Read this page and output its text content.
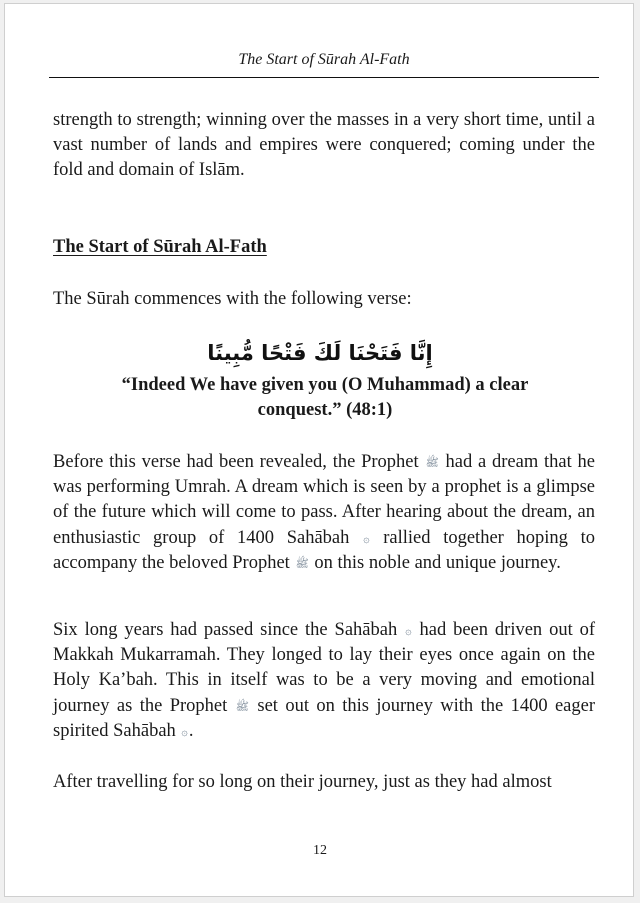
The Start of Sūrah Al-Fath

strength to strength; winning over the masses in a very short time, until a vast number of lands and empires were conquered; coming under the fold and domain of Islām.

The Start of Sūrah Al-Fath

The Sūrah commences with the following verse:

إِنَّا فَتَحْنَا لَكَ فَتْحًا مُّبِينًا
“Indeed We have given you (O Muhammad) a clear conquest.” (48:1)

Before this verse had been revealed, the Prophet ﷺ had a dream that he was performing Umrah. A dream which is seen by a prophet is a glimpse of the future which will come to pass. After hearing about the dream, an enthusiastic group of 1400 Sahābah ۞ rallied together hoping to accompany the beloved Prophet ﷺ on this noble and unique journey.

Six long years had passed since the Sahābah ۞ had been driven out of Makkah Mukarramah. They longed to lay their eyes once again on the Holy Ka’bah. This in itself was to be a very moving and emotional journey as the Prophet ﷺ set out on this journey with the 1400 eager spirited Sahābah ۞.

After travelling for so long on their journey, just as they had almost

12
